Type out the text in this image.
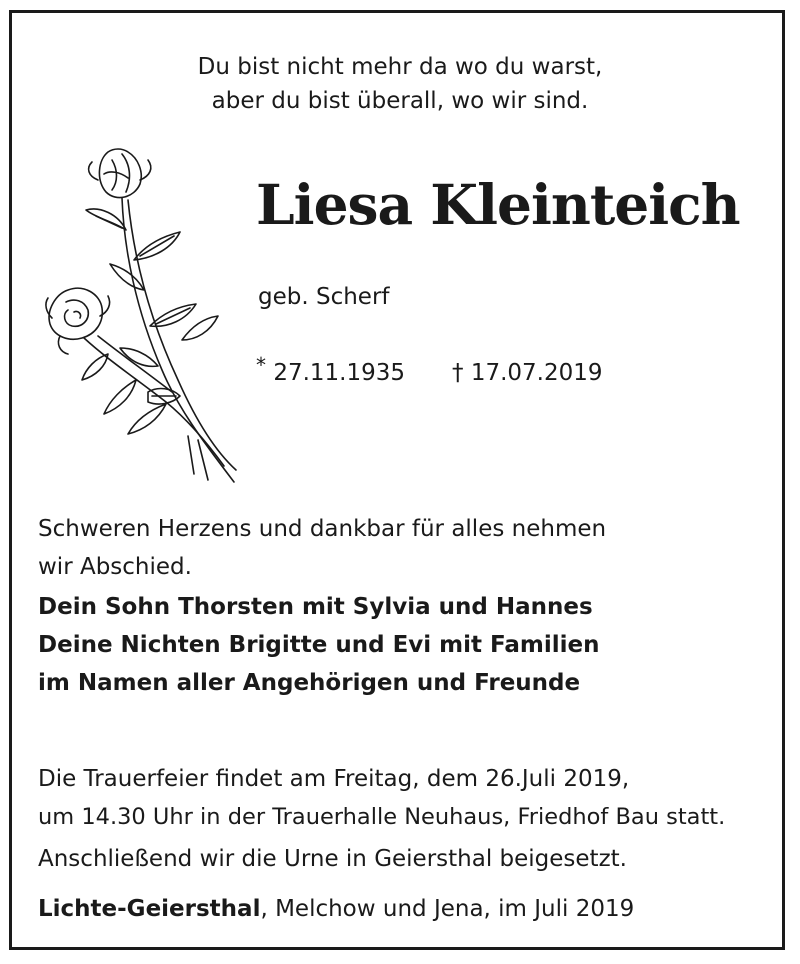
Du bist nicht mehr da wo du warst,
aber du bist überall, wo wir sind.
Liesa Kleinteich
geb. Scherf
* 27.11.1935 † 17.07.2019
Schweren Herzens und dankbar für alles nehmen
wir Abschied.
Dein Sohn Thorsten mit Sylvia und Hannes
Deine Nichten Brigitte und Evi mit Familien
im Namen aller Angehörigen und Freunde
Die Trauerfeier findet am Freitag, dem 26.Juli 2019,
um 14.30 Uhr in der Trauerhalle Neuhaus, Friedhof Bau statt.
Anschließend wir die Urne in Geiersthal beigesetzt.
Lichte-Geiersthal, Melchow und Jena, im Juli 2019
